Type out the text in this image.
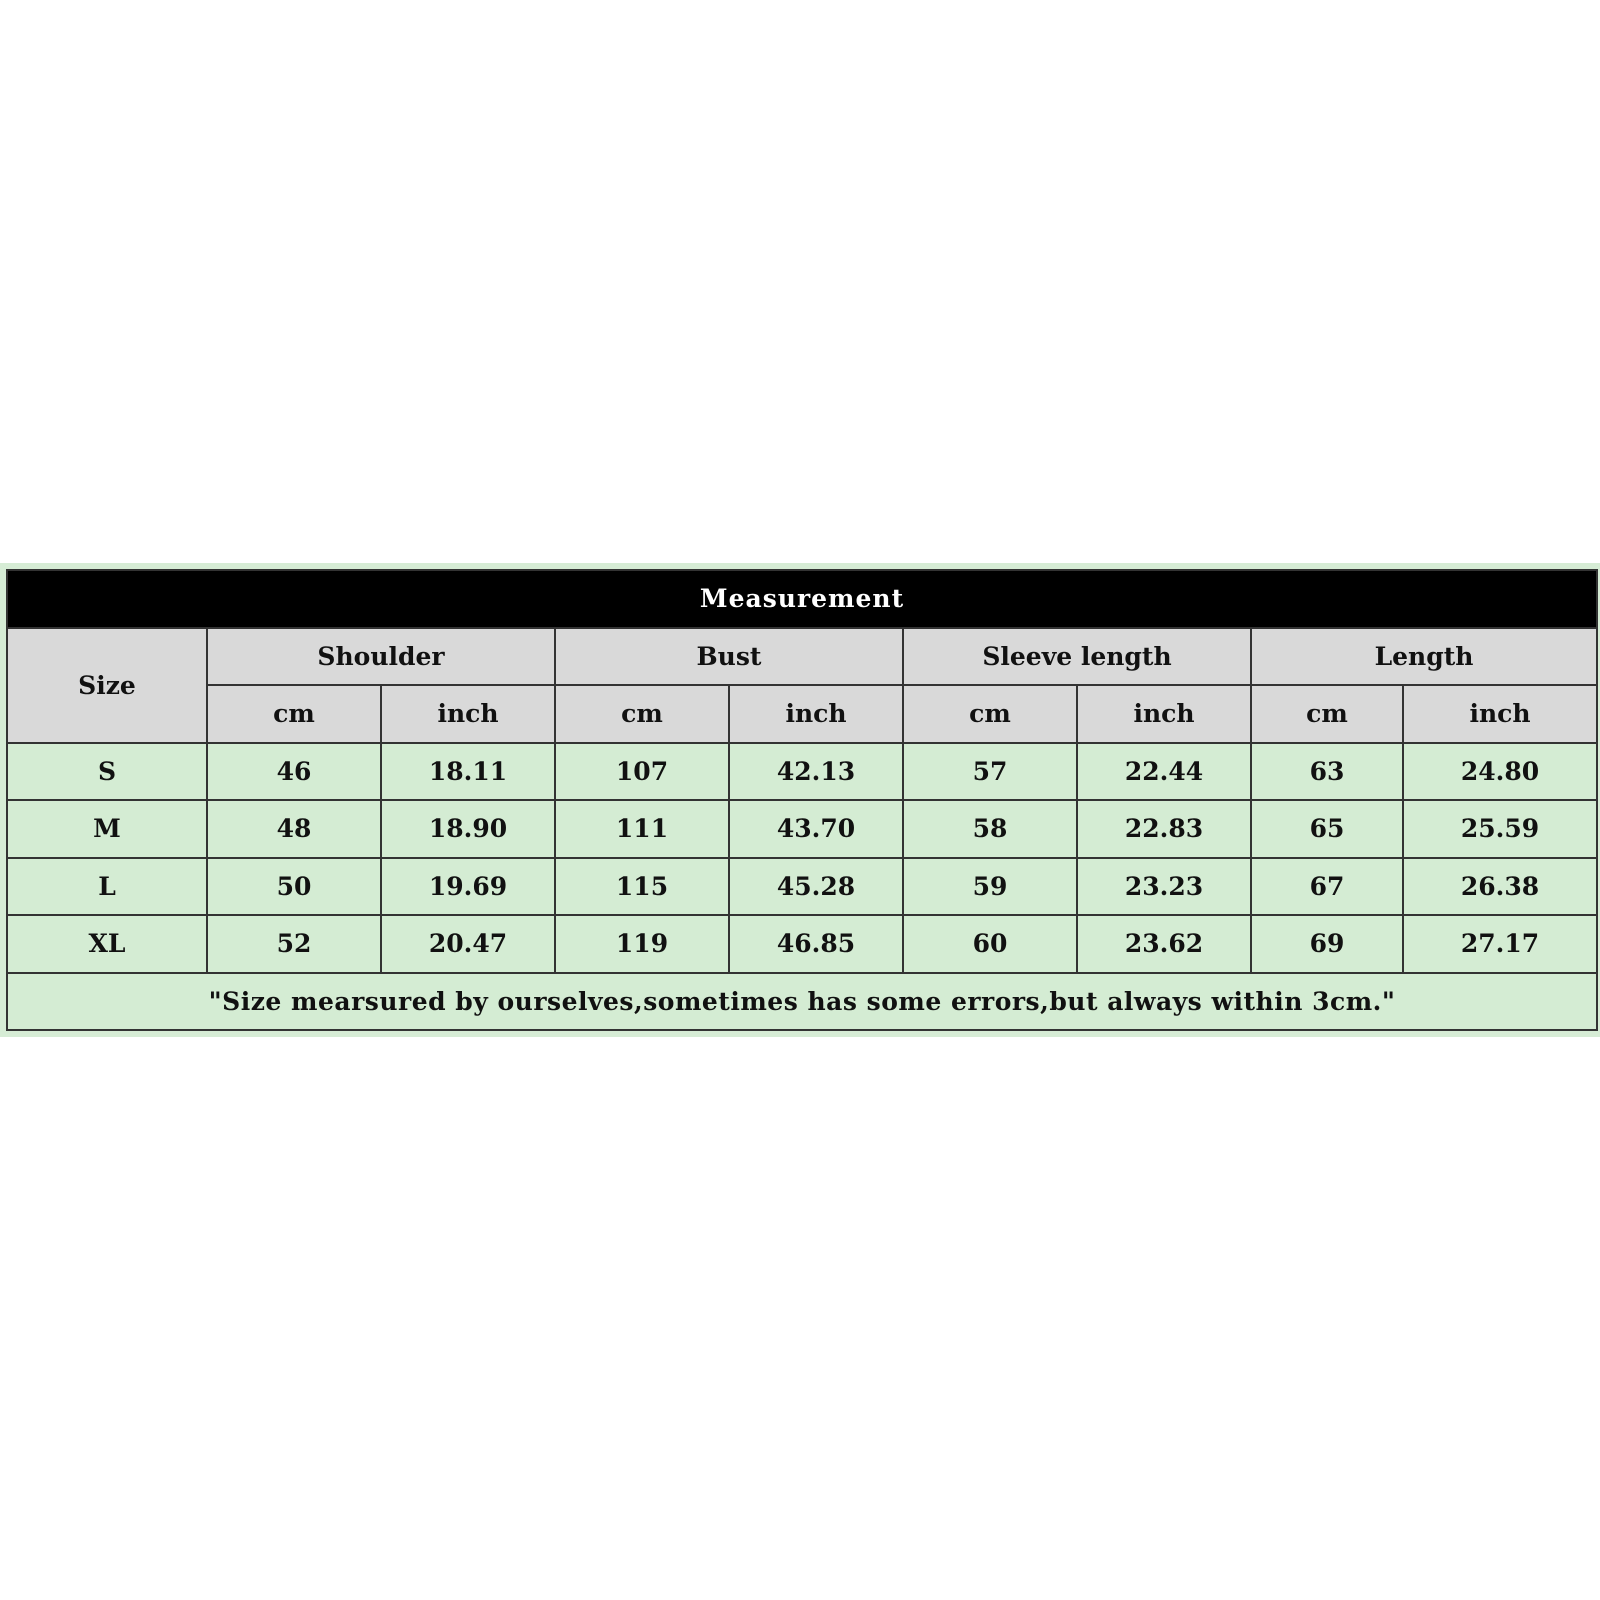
Measurement								
Size	Shoulder		Bust		Sleeve length		Length	
	cm	inch	cm	inch	cm	inch	cm	inch
S	46	18.11	107	42.13	57	22.44	63	24.80
M	48	18.90	111	43.70	58	22.83	65	25.59
L	50	19.69	115	45.28	59	23.23	67	26.38
XL	52	20.47	119	46.85	60	23.62	69	27.17
"Size mearsured by ourselves,sometimes has some errors,but always within 3cm."								
